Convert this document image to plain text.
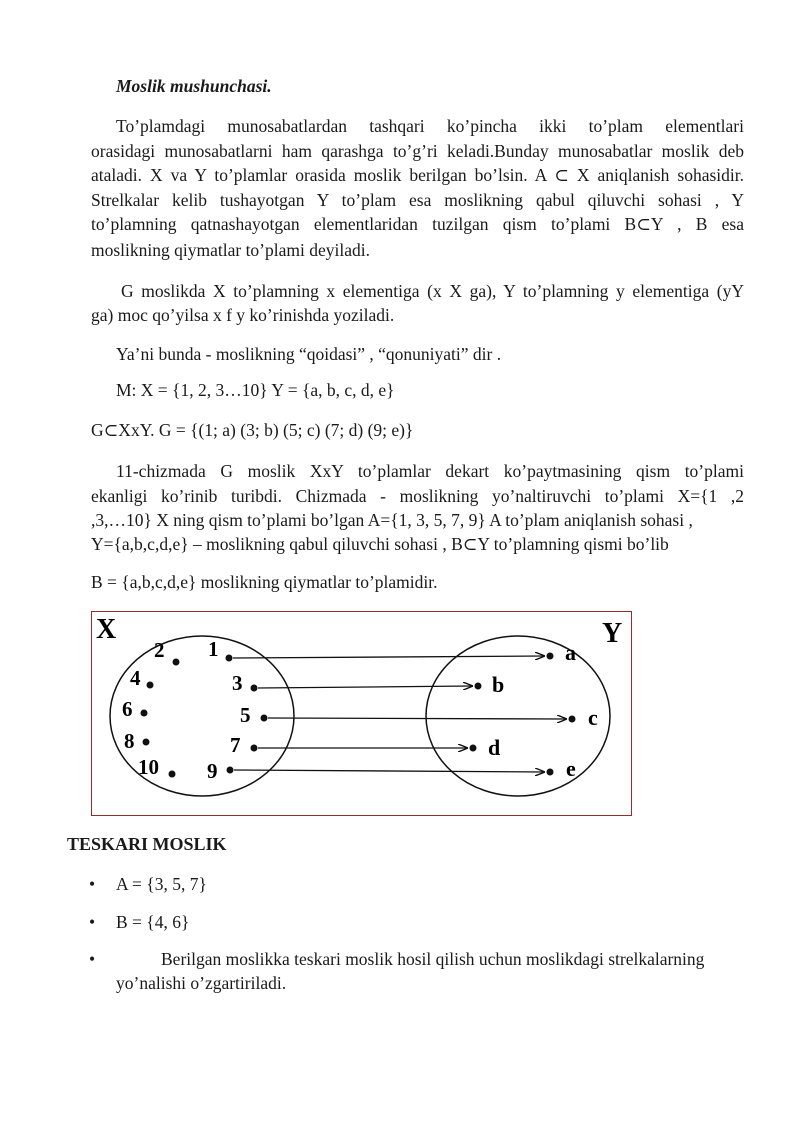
Moslik mushunchasi.
To’plamdagi munosabatlardan tashqari ko’pincha ikki to’plam elementlari
orasidagi munosabatlarni ham qarashga to’g’ri keladi.Bunday munosabatlar moslik deb
ataladi. X va Y to’plamlar orasida moslik berilgan bo’lsin. A ⊂ X aniqlanish sohasidir.
Strelkalar kelib tushayotgan Y to’plam esa moslikning qabul qiluvchi sohasi , Y
to’plamning qatnashayotgan elementlaridan tuzilgan qism to’plami B⊂Y , B esa
moslikning qiymatlar to’plami deyiladi.
G moslikda X to’plamning x elementiga (x X ga), Y to’plamning y elementiga (yY
ga) moc qo’yilsa x f y ko’rinishda yoziladi.
Ya’ni bunda - moslikning “qoidasi” , “qonuniyati” dir .
M: X = {1, 2, 3…10} Y = {a, b, c, d, e}
G⊂XxY. G = {(1; a) (3; b) (5; c) (7; d) (9; e)}
11-chizmada G moslik XxY to’plamlar dekart ko’paytmasining qism to’plami
ekanligi ko’rinib turibdi. Chizmada - moslikning yo’naltiruvchi to’plami X={1 ,2
,3,…10} X ning qism to’plami bo’lgan A={1, 3, 5, 7, 9} A to’plam aniqlanish sohasi ,
Y={a,b,c,d,e} – moslikning qabul qiluvchi sohasi , B⊂Y to’plamning qismi bo’lib
B = {a,b,c,d,e} moslikning qiymatlar to’plamidir.
X	Y
1
2
3
4
5
6
7
8
9
10
a
b
c
d
e
TESKARI MOSLIK
• A = {3, 5, 7}
• B = {4, 6}
•	Berilgan moslikka teskari moslik hosil qilish uchun moslikdagi strelkalarning
yo’nalishi o’zgartiriladi.
